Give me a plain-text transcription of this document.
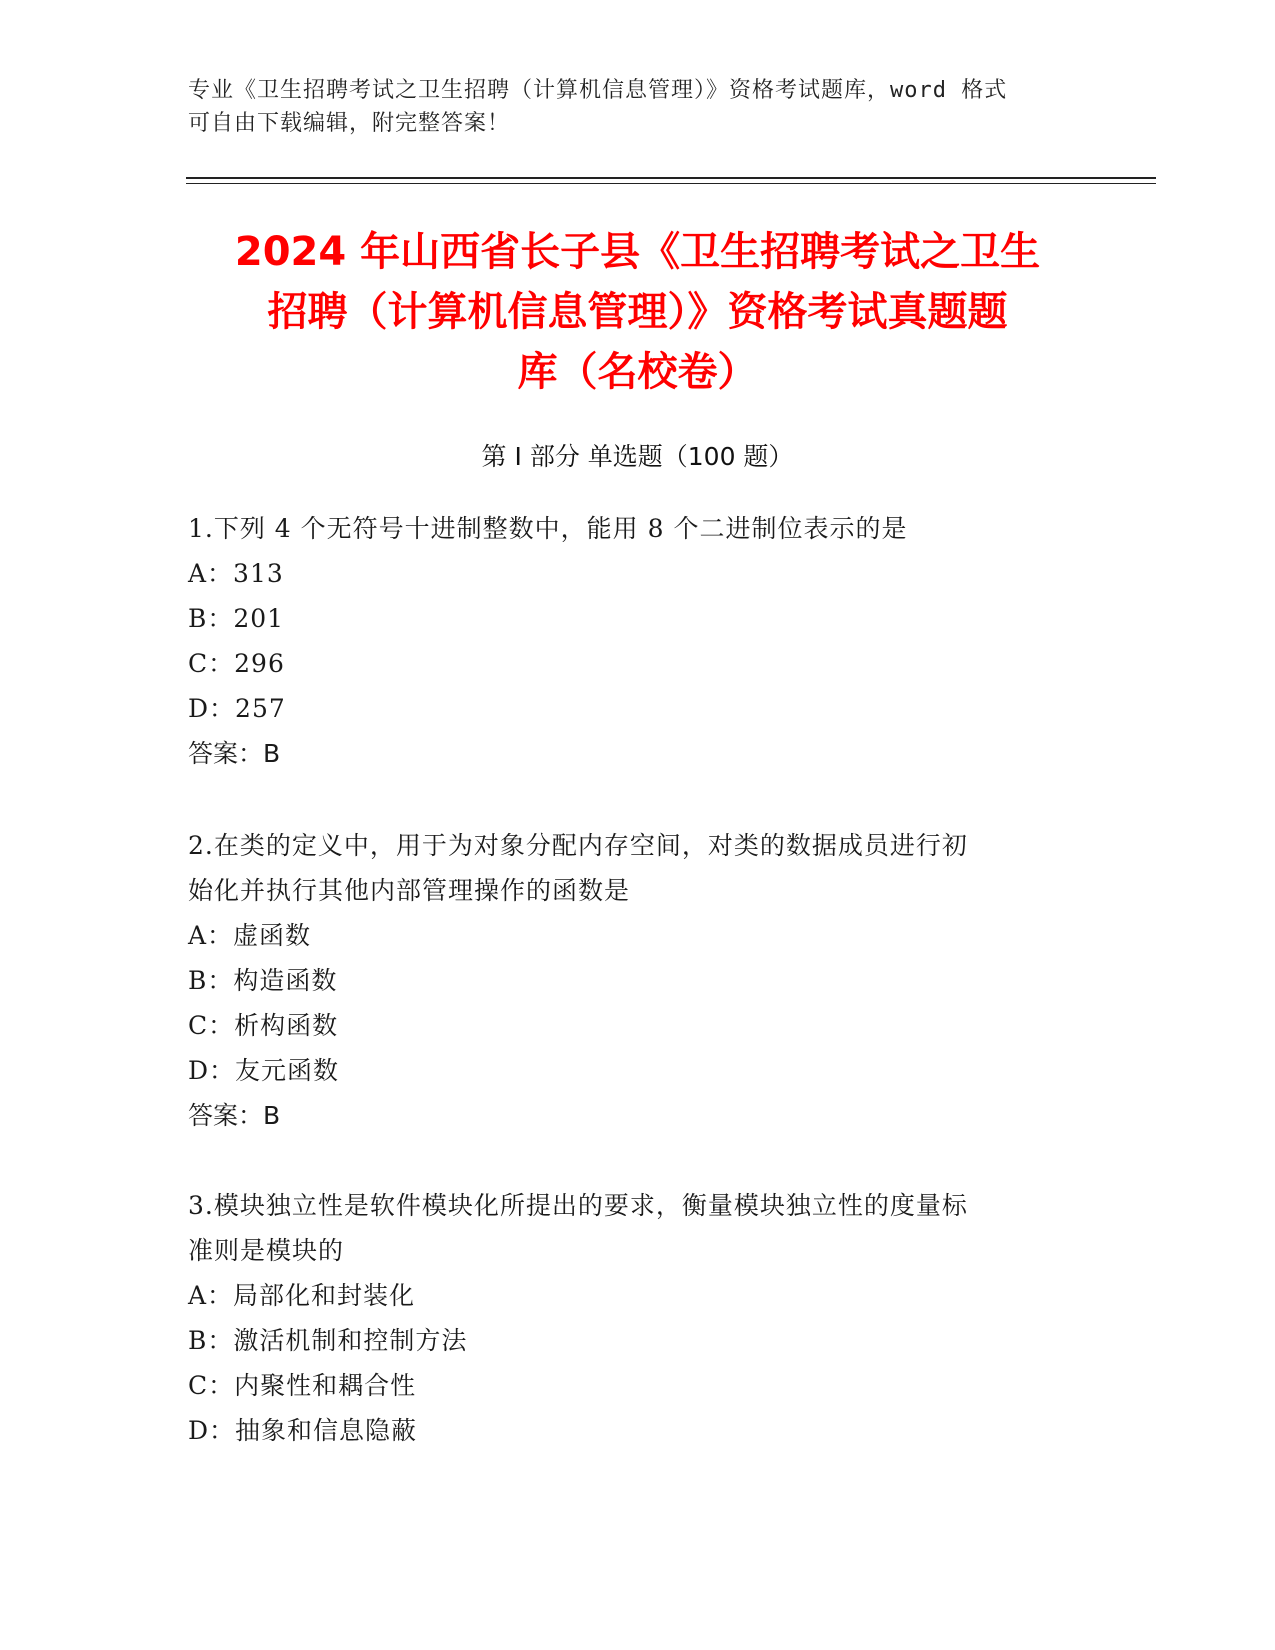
专业《卫生招聘考试之卫生招聘（计算机信息管理）》资格考试题库，word 格式
可自由下载编辑，附完整答案！
2024 年山西省长子县《卫生招聘考试之卫生
招聘（计算机信息管理）》资格考试真题题
库（名校卷）
第 I 部分 单选题（100 题）
1.下列 4 个无符号十进制整数中，能用 8 个二进制位表示的是
A：313
B：201
C：296
D：257
答案：B
2.在类的定义中，用于为对象分配内存空间，对类的数据成员进行初
始化并执行其他内部管理操作的函数是
A：虚函数
B：构造函数
C：析构函数
D：友元函数
答案：B
3.模块独立性是软件模块化所提出的要求，衡量模块独立性的度量标
准则是模块的
A：局部化和封装化
B：激活机制和控制方法
C：内聚性和耦合性
D：抽象和信息隐蔽
